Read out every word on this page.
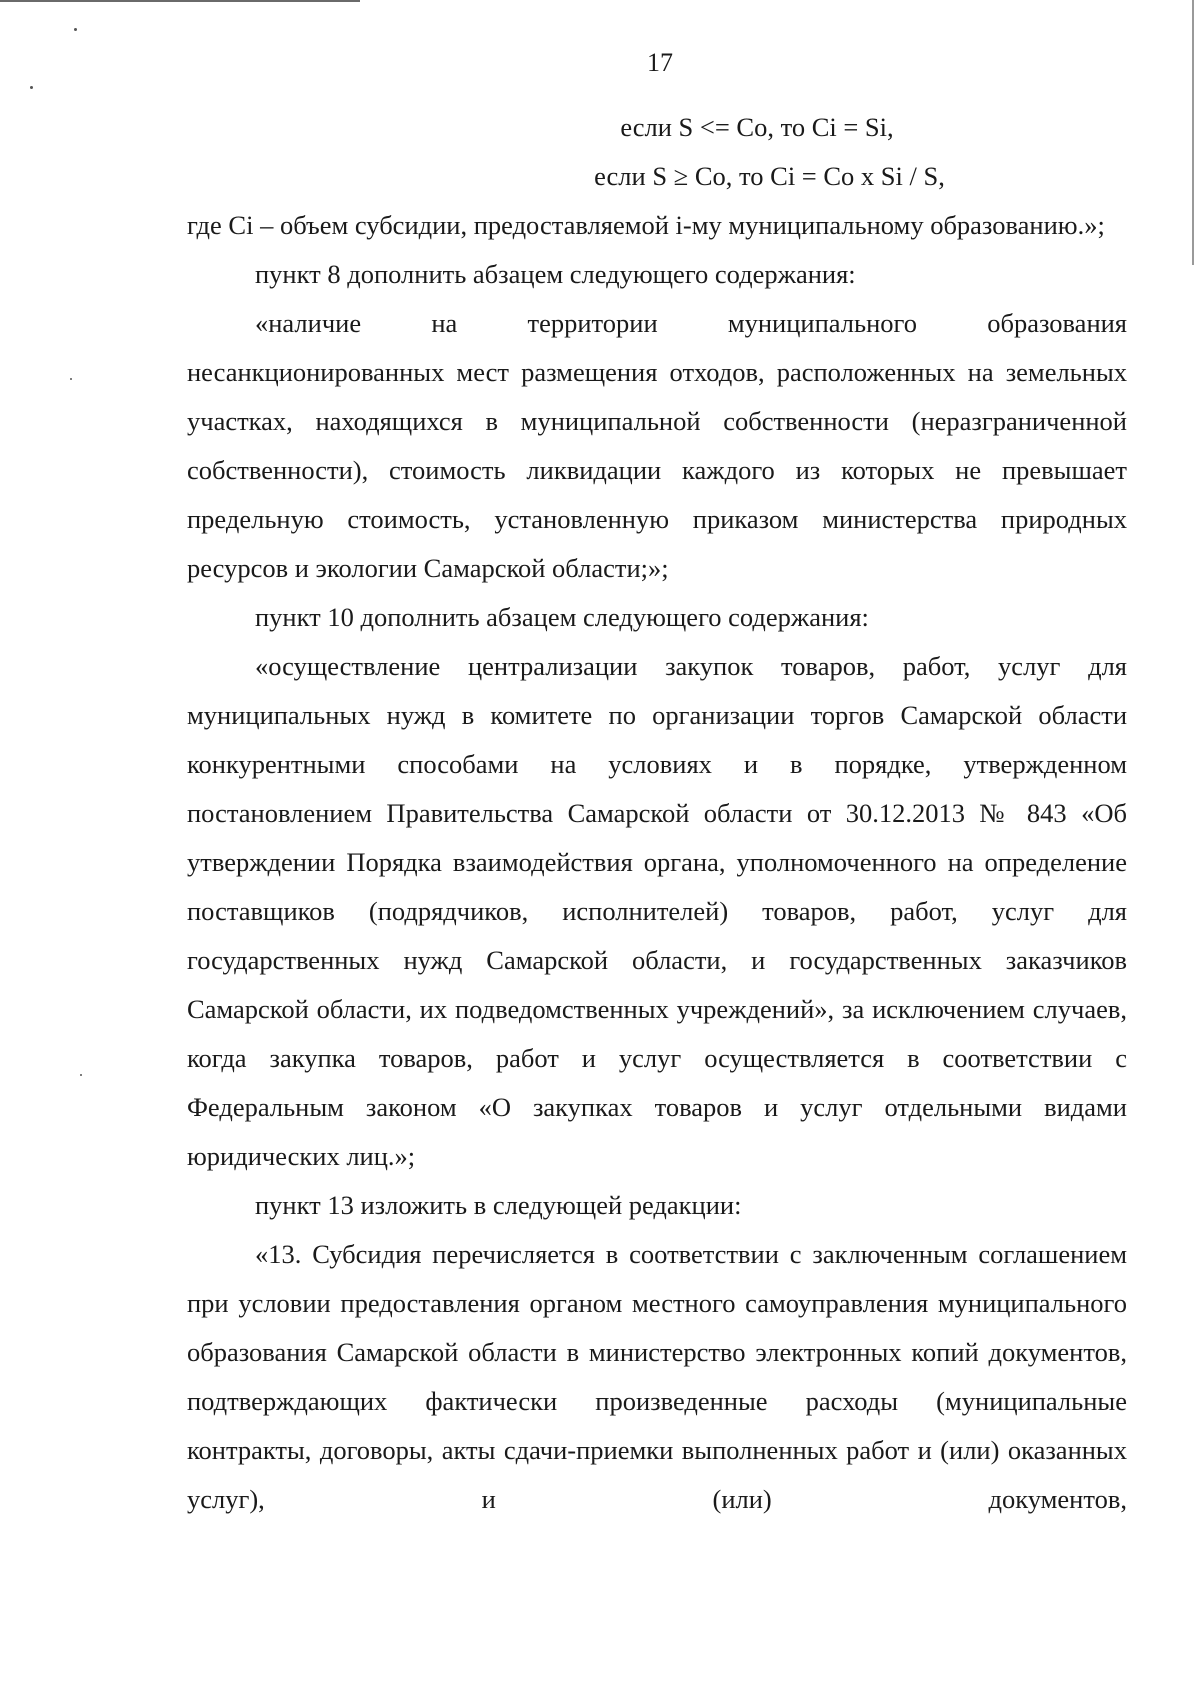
17

если S <= Co, то Ci = Si,

если S ≥ Co, то Ci = Co x Si / S,

где Ci – объем субсидии, предоставляемой i-му муниципальному образованию.»;

пункт 8 дополнить абзацем следующего содержания:

«наличие на территории муниципального образования несанкционированных мест размещения отходов, расположенных на земельных участках, находящихся в муниципальной собственности (неразграниченной собственности), стоимость ликвидации каждого из которых не превышает предельную стоимость, установленную приказом министерства природных ресурсов и экологии Самарской области;»;

пункт 10 дополнить абзацем следующего содержания:

«осуществление централизации закупок товаров, работ, услуг для муниципальных нужд в комитете по организации торгов Самарской области конкурентными способами на условиях и в порядке, утвержденном постановлением Правительства Самарской области от 30.12.2013 № 843 «Об утверждении Порядка взаимодействия органа, уполномоченного на определение поставщиков (подрядчиков, исполнителей) товаров, работ, услуг для государственных нужд Самарской области, и государственных заказчиков Самарской области, их подведомственных учреждений», за исключением случаев, когда закупка товаров, работ и услуг осуществляется в соответствии с Федеральным законом «О закупках товаров и услуг отдельными видами юридических лиц.»;

пункт 13 изложить в следующей редакции:

«13. Субсидия перечисляется в соответствии с заключенным соглашением при условии предоставления органом местного самоуправления муниципального образования Самарской области в министерство электронных копий документов, подтверждающих фактически произведенные расходы (муниципальные контракты, договоры, акты сдачи-приемки выполненных работ и (или) оказанных услуг), и (или) документов,
